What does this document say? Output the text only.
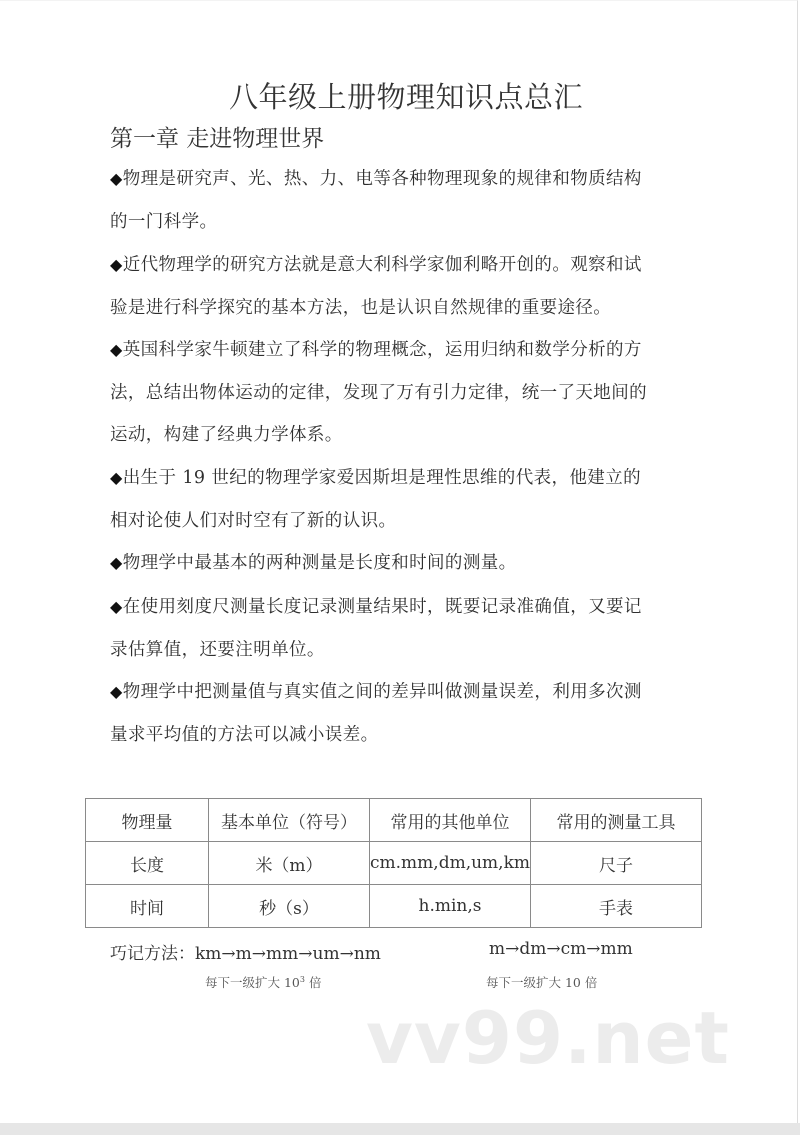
八年级上册物理知识点总汇
第一章 走进物理世界
◆物理是研究声、光、热、力、电等各种物理现象的规律和物质结构
的一门科学。
◆近代物理学的研究方法就是意大利科学家伽利略开创的。观察和试
验是进行科学探究的基本方法，也是认识自然规律的重要途径。
◆英国科学家牛顿建立了科学的物理概念，运用归纳和数学分析的方
法，总结出物体运动的定律，发现了万有引力定律，统一了天地间的
运动，构建了经典力学体系。
◆出生于 19 世纪的物理学家爱因斯坦是理性思维的代表，他建立的
相对论使人们对时空有了新的认识。
◆物理学中最基本的两种测量是长度和时间的测量。
◆在使用刻度尺测量长度记录测量结果时，既要记录准确值，又要记
录估算值，还要注明单位。
◆物理学中把测量值与真实值之间的差异叫做测量误差，利用多次测
量求平均值的方法可以减小误差。
物理量	基本单位（符号）	常用的其他单位	常用的测量工具
长度	米（m）	cm.mm,dm,um,km	尺子
时间	秒（s）	h.min,s	手表
巧记方法：km→m→mm→um→nm	m→dm→cm→mm
每下一级扩大 $10^3$ 倍	每下一级扩大 10 倍
vv99.net
